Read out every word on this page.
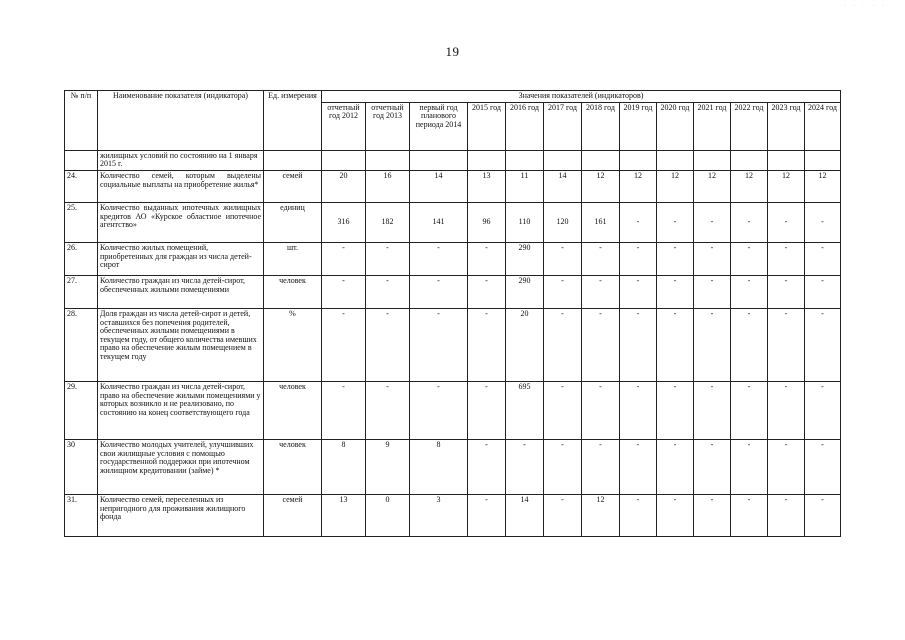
· · · · ·
19
№ п/п	Наименование показателя (индикатора)	Ед. измерения	Значения показателей (индикаторов)												
			отчетный год 2012	отчетный год 2013	первый год планового периода 2014	2015 год	2016 год	2017 год	2018 год	2019 год	2020 год	2021 год	2022 год	2023 год	2024 год
	жилищных условий по состоянию на 1 января 2015 г.														
24.	Количество семей, которым выделены социальные выплаты на приобретение жилья*	семей	20	16	14	13	11	14	12	12	12	12	12	12	12
25.	Количество выданных ипотечных жилищных кредитов АО «Курское областное ипотечное агентство»	единиц	316	182	141	96	110	120	161	-	-	-	-	-	-
26.	Количество жилых помещений, приобретенных для граждан из числа детей-сирот	шт.	-	-	-	-	290	-	-	-	-	-	-	-	-
27.	Количество граждан из числа детей-сирот, обеспеченных жилыми помещениями	человек	-	-	-	-	290	-	-	-	-	-	-	-	-
28.	Доля граждан из числа детей-сирот и детей, оставшихся без попечения родителей, обеспеченных жилыми помещениями в текущем году, от общего количества имевших право на обеспечение жилым помещением в текущем году	%	-	-	-	-	20	-	-	-	-	-	-	-	-
29.	Количество граждан из числа детей-сирот, право на обеспечение жилыми помещениями у которых возникло и не реализовано, по состоянию на конец соответствующего года	человек	-	-	-	-	695	-	-	-	-	-	-	-	-
30	Количество молодых учителей, улучшивших свои жилищные условия с помощью государственной поддержки при ипотечном жилищном кредитовании (займе) *	человек	8	9	8	-	-	-	-	-	-	-	-	-	-
31.	Количество семей, переселенных из непригодного для проживания жилищного фонда	семей	13	0	3	-	14	-	12	-	-	-	-	-	-
